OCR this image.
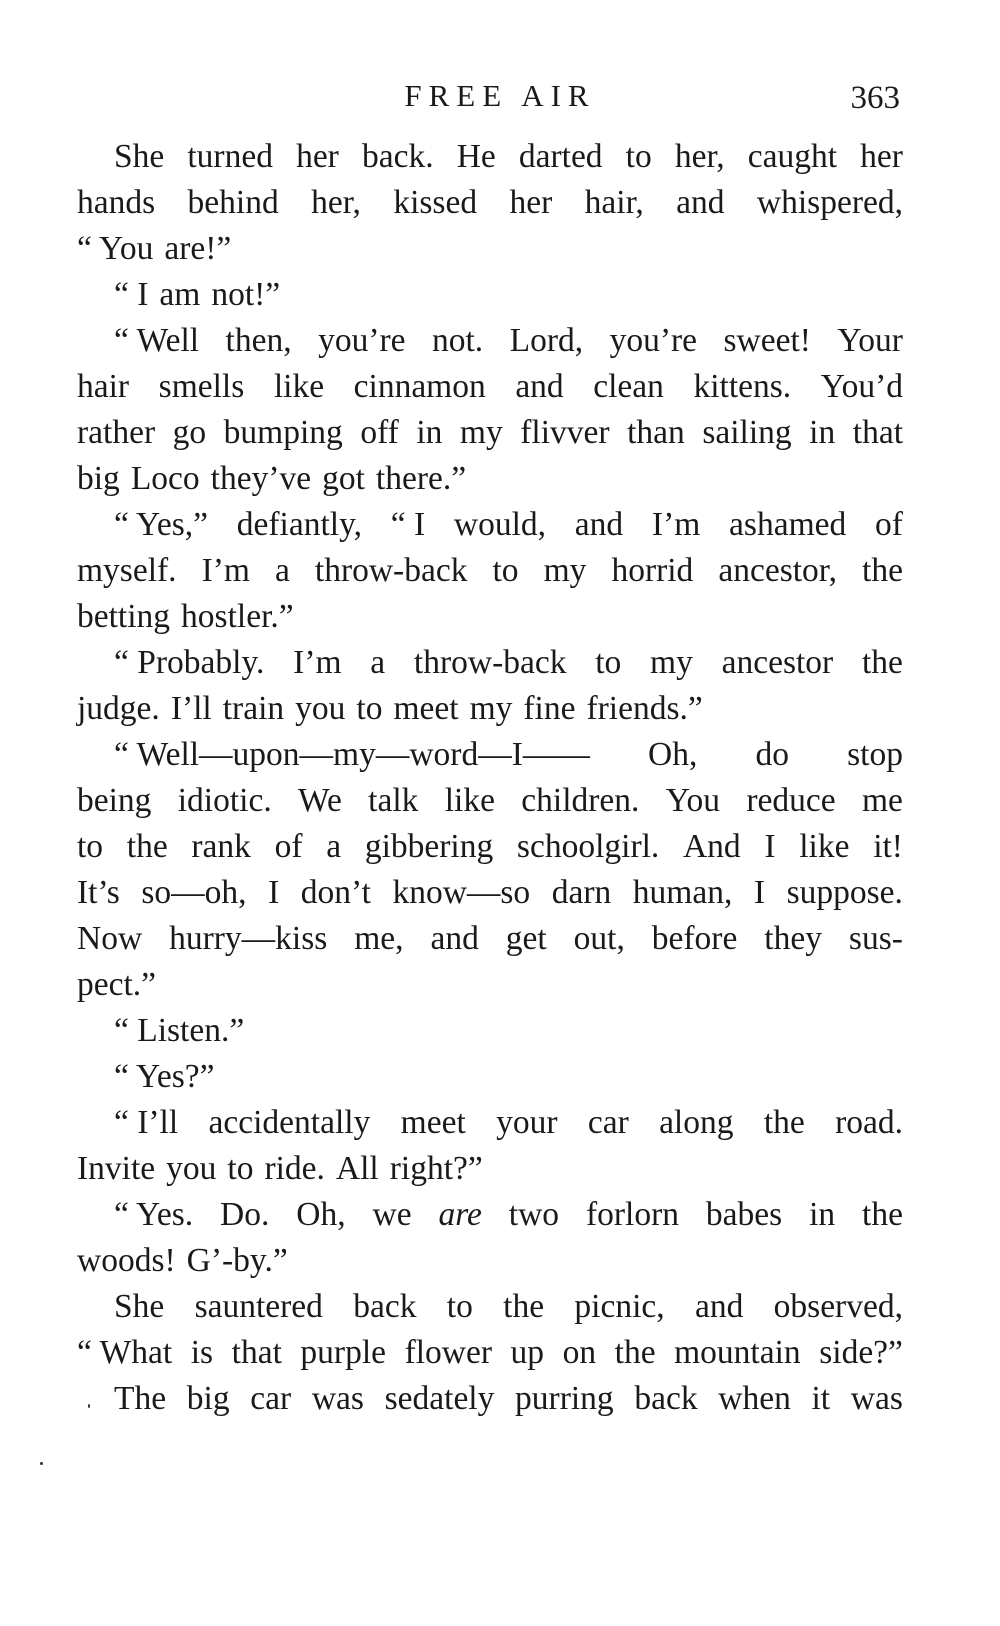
FREE AIR	363
She turned her back. He darted to her, caught her
hands behind her, kissed her hair, and whispered,
“ You are!”
“ I am not!”
“ Well then, you’re not. Lord, you’re sweet! Your
hair smells like cinnamon and clean kittens. You’d
rather go bumping off in my flivver than sailing in that
big Loco they’ve got there.”
“ Yes,” defiantly, “ I would, and I’m ashamed of
myself. I’m a throw-back to my horrid ancestor, the
betting hostler.”
“ Probably. I’m a throw-back to my ancestor the
judge. I’ll train you to meet my fine friends.”
“ Well—upon—my—word—I—— Oh, do stop
being idiotic. We talk like children. You reduce me
to the rank of a gibbering schoolgirl. And I like it!
It’s so—oh, I don’t know—so darn human, I suppose.
Now hurry—kiss me, and get out, before they sus-
pect.”
“ Listen.”
“ Yes?”
“ I’ll accidentally meet your car along the road.
Invite you to ride. All right?”
“ Yes. Do. Oh, we are two forlorn babes in the
woods! G’-by.”
She sauntered back to the picnic, and observed,
“ What is that purple flower up on the mountain side?”
The big car was sedately purring back when it was
